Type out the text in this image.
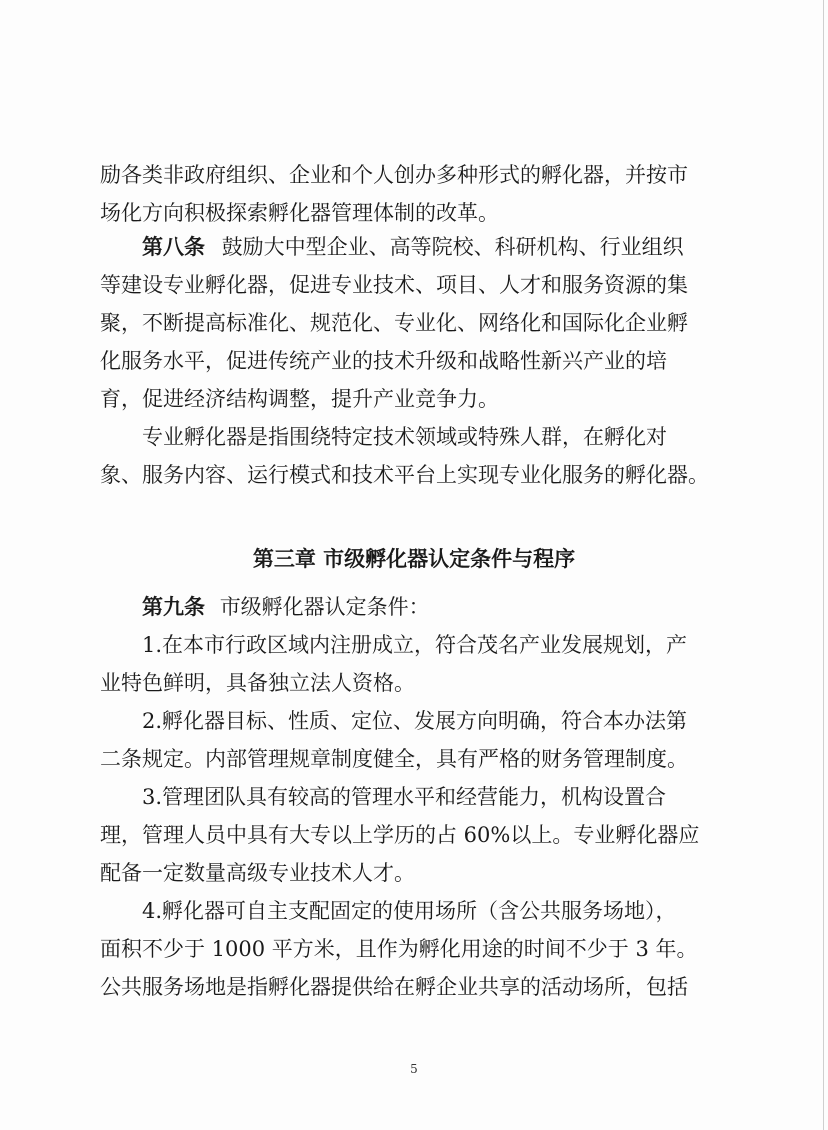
励各类非政府组织、企业和个人创办多种形式的孵化器，并按市
场化方向积极探索孵化器管理体制的改革。
第八条 鼓励大中型企业、高等院校、科研机构、行业组织
等建设专业孵化器，促进专业技术、项目、人才和服务资源的集
聚，不断提高标准化、规范化、专业化、网络化和国际化企业孵
化服务水平，促进传统产业的技术升级和战略性新兴产业的培
育，促进经济结构调整，提升产业竞争力。
专业孵化器是指围绕特定技术领域或特殊人群，在孵化对
象、服务内容、运行模式和技术平台上实现专业化服务的孵化器。
第三章 市级孵化器认定条件与程序
第九条 市级孵化器认定条件：
1.在本市行政区域内注册成立，符合茂名产业发展规划，产
业特色鲜明，具备独立法人资格。
2.孵化器目标、性质、定位、发展方向明确，符合本办法第
二条规定。内部管理规章制度健全，具有严格的财务管理制度。
3.管理团队具有较高的管理水平和经营能力，机构设置合
理，管理人员中具有大专以上学历的占 60%以上。专业孵化器应
配备一定数量高级专业技术人才。
4.孵化器可自主支配固定的使用场所（含公共服务场地），
面积不少于 1000 平方米，且作为孵化用途的时间不少于 3 年。
公共服务场地是指孵化器提供给在孵企业共享的活动场所，包括
5
